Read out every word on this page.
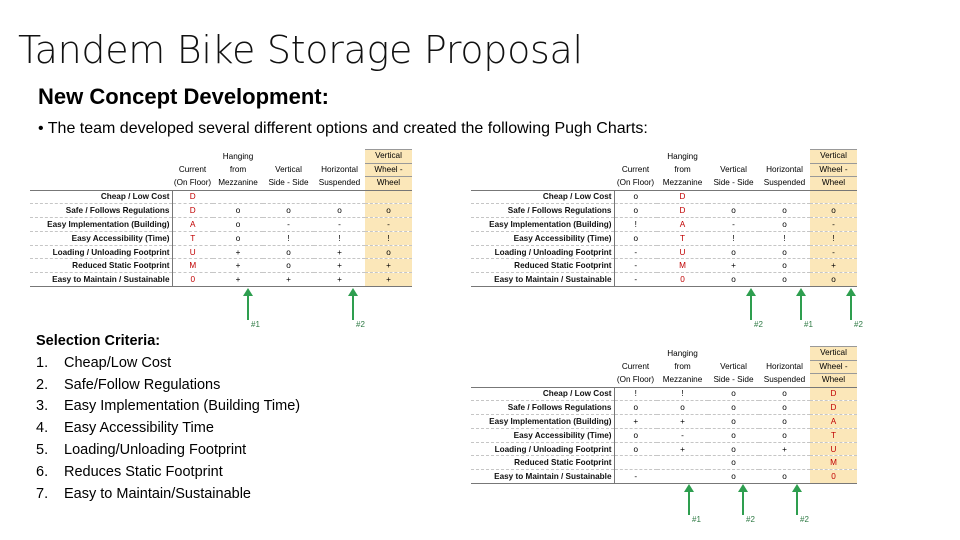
Tandem Bike Storage Proposal
New Concept Development:
• The team developed several different options and created the following Pugh Charts:
Selection Criteria:
1. Cheap/Low Cost
2. Safe/Follow Regulations
3. Easy Implementation (Building Time)
4. Easy Accessibility Time
5. Loading/Unloading Footprint
6. Reduces Static Footprint
7. Easy to Maintain/Sustainable
		Hanging			Vertical
	Current	from	Vertical	Horizontal	Wheel -
	(On Floor)	Mezzanine	Side - Side	Suspended	Wheel
Cheap / Low Cost	D				
Safe / Follows Regulations	D	o	o	o	o
Easy Implementation (Building)	A	o	-	-	-
Easy Accessibility (Time)	T	o	!	!	!
Loading / Unloading Footprint	U	+	o	+	o
Reduced Static Footprint	M	+	o	+	+
Easy to Maintain / Sustainable	0	+	+	+	+
#1	#2
		Hanging			Vertical
	Current	from	Vertical	Horizontal	Wheel -
	(On Floor)	Mezzanine	Side - Side	Suspended	Wheel
Cheap / Low Cost	o	D			
Safe / Follows Regulations	o	D	o	o	o
Easy Implementation (Building)	!	A	-	o	-
Easy Accessibility (Time)	o	T	!	!	!
Loading / Unloading Footprint	-	U	o	o	-
Reduced Static Footprint	-	M	+	o	+
Easy to Maintain / Sustainable	-	0	o	o	o
#2	#1	#2
		Hanging			Vertical
	Current	from	Vertical	Horizontal	Wheel -
	(On Floor)	Mezzanine	Side - Side	Suspended	Wheel
Cheap / Low Cost	!	!	o	o	D
Safe / Follows Regulations	o	o	o	o	D
Easy Implementation (Building)	+	+	o	o	A
Easy Accessibility (Time)	o	-	o	o	T
Loading / Unloading Footprint	o	+	o	+	U
Reduced Static Footprint			o		M
Easy to Maintain / Sustainable	-		o	o	0
#1	#2	#2
